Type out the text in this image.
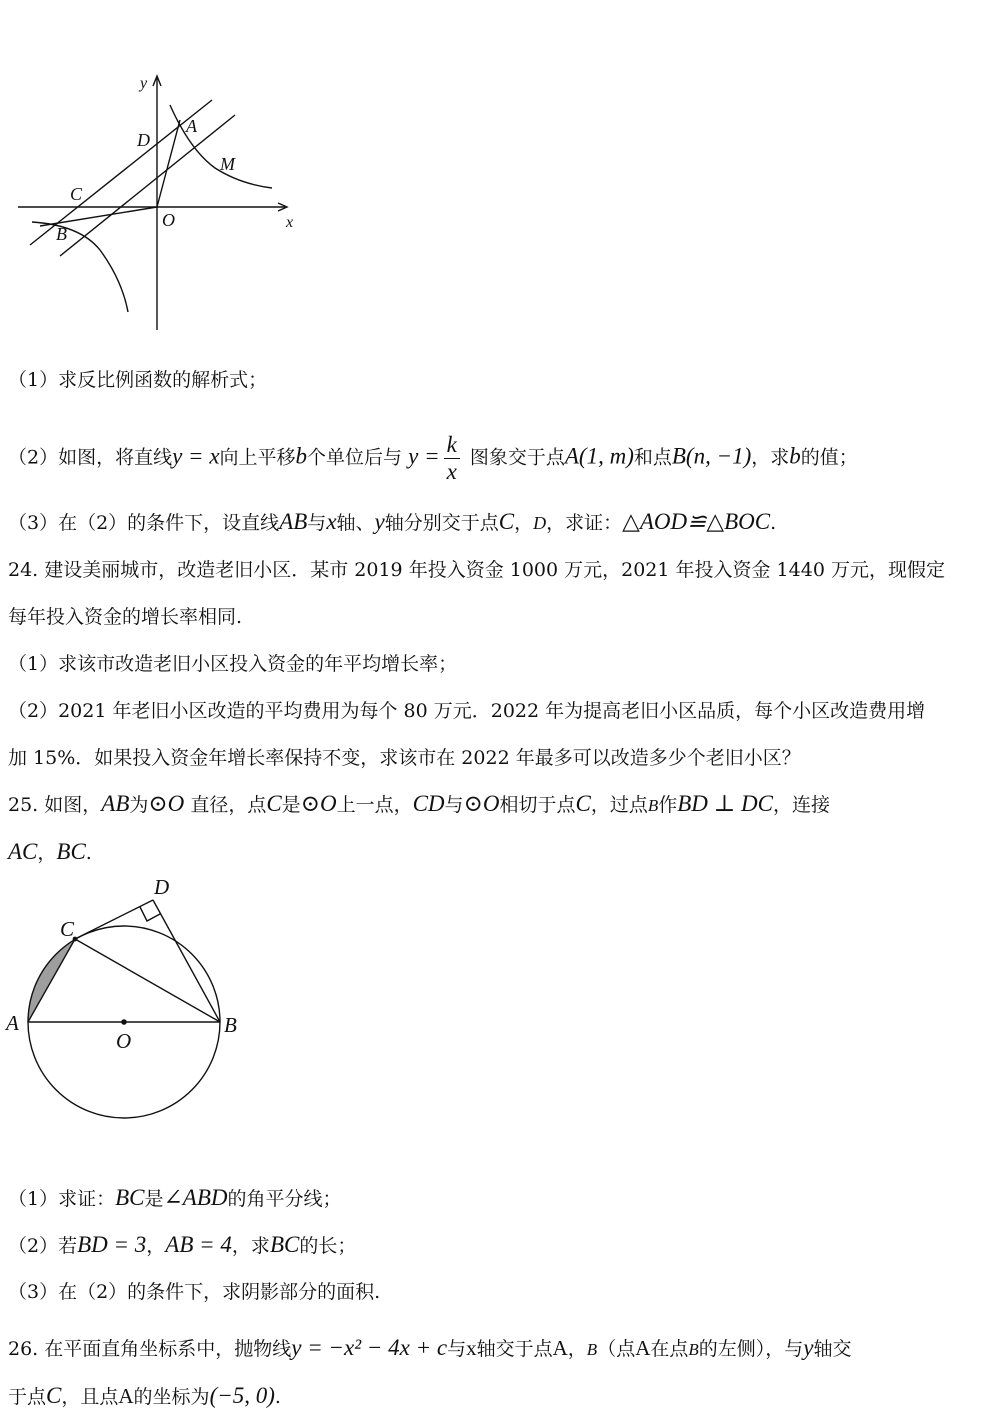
x
y
A
B
C
D
M
O
（1）求反比例函数的解析式；
（2）如图，将直线y = x向上平移b个单位后与 $y = \frac{k}{x}$ 图象交于点A(1, m)和点B(n, −1)，求b的值；
（3）在（2）的条件下，设直线AB与x轴、y轴分别交于点C，D，求证：△AOD≌△BOC.
24. 建设美丽城市，改造老旧小区．某市 2019 年投入资金 1000 万元，2021 年投入资金 1440 万元，现假定
每年投入资金的增长率相同.
（1）求该市改造老旧小区投入资金的年平均增长率；
（2）2021 年老旧小区改造的平均费用为每个 80 万元．2022 年为提高老旧小区品质，每个小区改造费用增
加 15%．如果投入资金年增长率保持不变，求该市在 2022 年最多可以改造多少个老旧小区？
25. 如图，AB为⊙O 直径，点C是⊙O上一点，CD与⊙O相切于点C，过点B作BD ⊥ DC，连接
AC，BC.
A	B
C
D
O
（1）求证：BC是∠ABD的角平分线；
（2）若BD = 3，AB = 4，求BC的长；
（3）在（2）的条件下，求阴影部分的面积.
26. 在平面直角坐标系中，抛物线y = −x² − 4x + c与x轴交于点A，B（点A在点B的左侧），与y轴交
于点C，且点A的坐标为(−5, 0).
